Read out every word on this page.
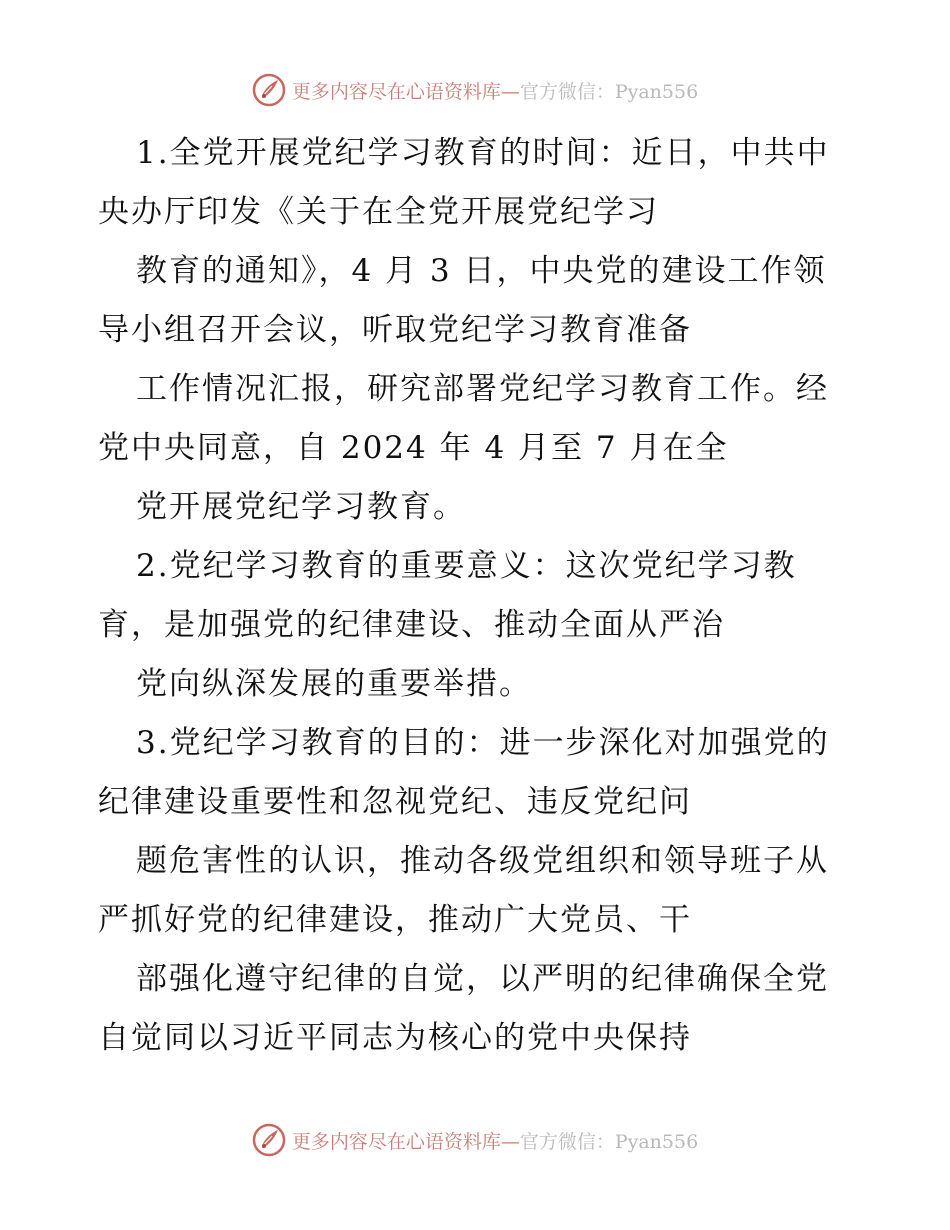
更多内容尽在心语资料库—官方微信：Pyan556
1.全党开展党纪学习教育的时间：近日，中共中
央办厅印发《关于在全党开展党纪学习
教育的通知》，4 月 3 日，中央党的建设工作领
导小组召开会议，听取党纪学习教育准备
工作情况汇报，研究部署党纪学习教育工作。经
党中央同意，自 2024 年 4 月至 7 月在全
党开展党纪学习教育。
2.党纪学习教育的重要意义：这次党纪学习教
育，是加强党的纪律建设、推动全面从严治
党向纵深发展的重要举措。
3.党纪学习教育的目的：进一步深化对加强党的
纪律建设重要性和忽视党纪、违反党纪问
题危害性的认识，推动各级党组织和领导班子从
严抓好党的纪律建设，推动广大党员、干
部强化遵守纪律的自觉，以严明的纪律确保全党
自觉同以习近平同志为核心的党中央保持
更多内容尽在心语资料库—官方微信：Pyan556
